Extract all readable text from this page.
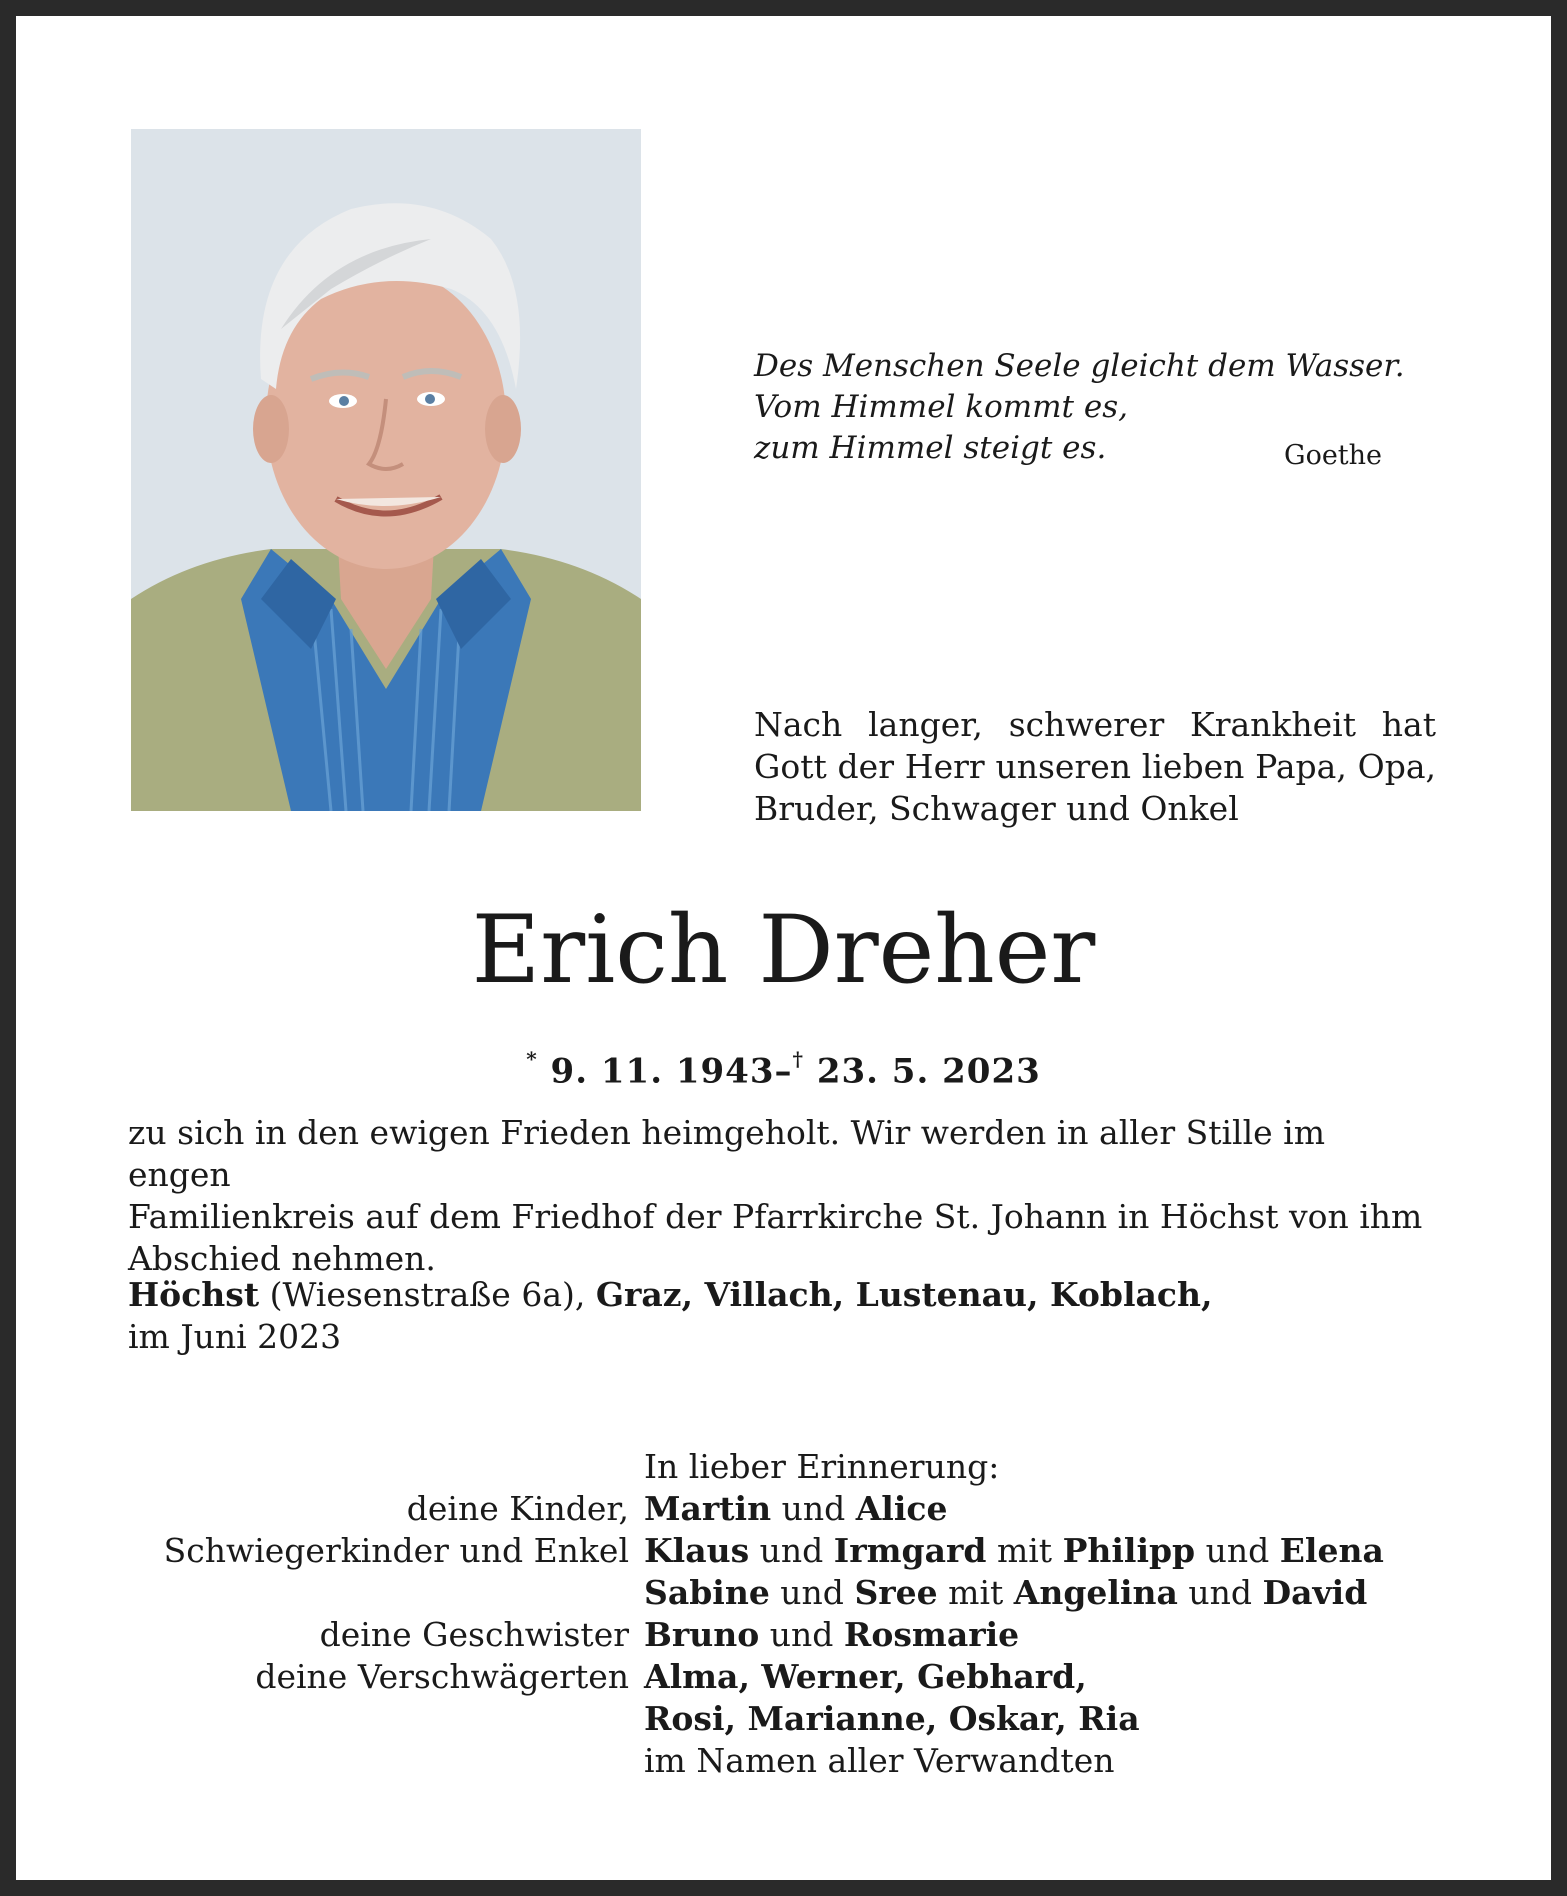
Des Menschen Seele gleicht dem Wasser.
Vom Himmel kommt es,
zum Himmel steigt es.	Goethe
Nach langer, schwerer Krankheit hat
Gott der Herr unseren lieben Papa, Opa,
Bruder, Schwager und Onkel
Erich Dreher
* 9. 11. 1943–† 23. 5. 2023
zu sich in den ewigen Frieden heimgeholt. Wir werden in aller Stille im engen
Familienkreis auf dem Friedhof der Pfarrkirche St. Johann in Höchst von ihm
Abschied nehmen.
Höchst (Wiesenstraße 6a), Graz, Villach, Lustenau, Koblach,
im Juni 2023
In lieber Erinnerung:
deine Kinder, Martin und Alice
Schwiegerkinder und Enkel Klaus und Irmgard mit Philipp und Elena
Sabine und Sree mit Angelina und David
deine Geschwister Bruno und Rosmarie
deine Verschwägerten Alma, Werner, Gebhard,
Rosi, Marianne, Oskar, Ria
im Namen aller Verwandten
